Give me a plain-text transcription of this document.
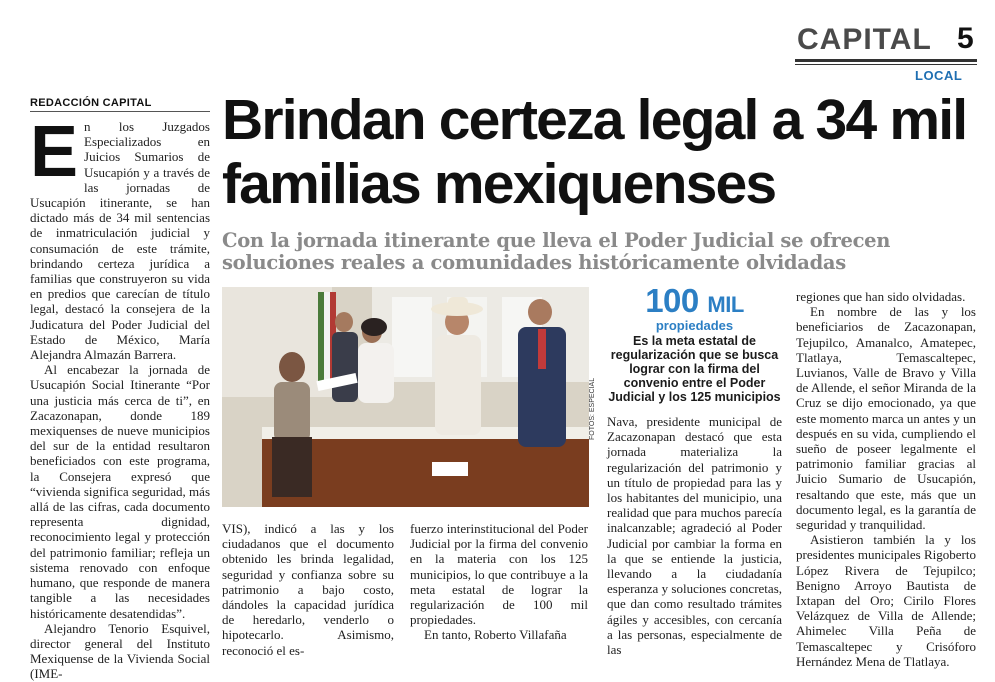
CAPITAL 5
LOCAL
REDACCIÓN CAPITAL Brindan certeza legal a 34 mil familias mexiquenses
Con la jornada itinerante que lleva el Poder Judicial se ofrecen soluciones reales a comunidades históricamente olvidadas
E n los Juzgados Especializados en Juicios Sumarios de Usucapión y a través de las jornadas de Usucapión itinerante, se han dictado más de 34 mil sentencias de inmatriculación judicial y consumación de este trámite, brindando certeza jurídica a familias que construyeron su vida en predios que carecían de título legal, destacó la consejera de la Judicatura del Poder Judicial del Estado de México, María Alejandra Almazán Barrera.

Al encabezar la jornada de Usucapión Social Itinerante “Por una justicia más cerca de ti”, en Zacazonapan, donde 189 mexiquenses de nueve municipios del sur de la entidad resultaron beneficiados con este programa, la Consejera expresó que “vivienda significa seguridad, más allá de las cifras, cada documento representa dignidad, reconocimiento legal y protección del patrimonio familiar; refleja un sistema renovado con enfoque humano, que responde de manera tangible a las necesidades históricamente desatendidas”.

Alejandro Tenorio Esquivel, director general del Instituto Mexiquense de la Vivienda Social (IME-

FOTOS: ESPECIAL

VIS), indicó a las y los ciudadanos que el documento obtenido les brinda legalidad, seguridad y confianza sobre su patrimonio a bajo costo, dándoles la capacidad jurídica de heredarlo, venderlo o hipotecarlo. Asimismo, reconoció el es-

fuerzo interinstitucional del Poder Judicial por la firma del convenio en la materia con los 125 municipios, lo que contribuye a la meta estatal de lograr la regularización de 100 mil propiedades.

En tanto, Roberto Villafaña

100 MIL
propiedades
Es la meta estatal de regularización que se busca lograr con la firma del convenio entre el Poder Judicial y los 125 municipios

Nava, presidente municipal de Zacazonapan destacó que esta jornada materializa la regularización del patrimonio y un título de propiedad para las y los habitantes del municipio, una realidad que para muchos parecía inalcanzable; agradeció al Poder Judicial por cambiar la forma en la que se entiende la justicia, llevando a la ciudadanía esperanza y soluciones concretas, que dan como resultado trámites ágiles y accesibles, con cercanía a las personas, especialmente de las

regiones que han sido olvidadas.

En nombre de las y los beneficiarios de Zacazonapan, Tejupilco, Amanalco, Amatepec, Tlatlaya, Temascaltepec, Luvianos, Valle de Bravo y Villa de Allende, el señor Miranda de la Cruz se dijo emocionado, ya que este momento marca un antes y un después en su vida, cumpliendo el sueño de poseer legalmente el patrimonio familiar gracias al Juicio Sumario de Usucapión, resaltando que este, más que un documento legal, es la garantía de seguridad y tranquilidad.

Asistieron también la y los presidentes municipales Rigoberto López Rivera de Tejupilco; Benigno Arroyo Bautista de Ixtapan del Oro; Cirilo Flores Velázquez de Villa de Allende; Ahimelec Villa Peña de Temascaltepec y Crisóforo Hernández Mena de Tlatlaya.
